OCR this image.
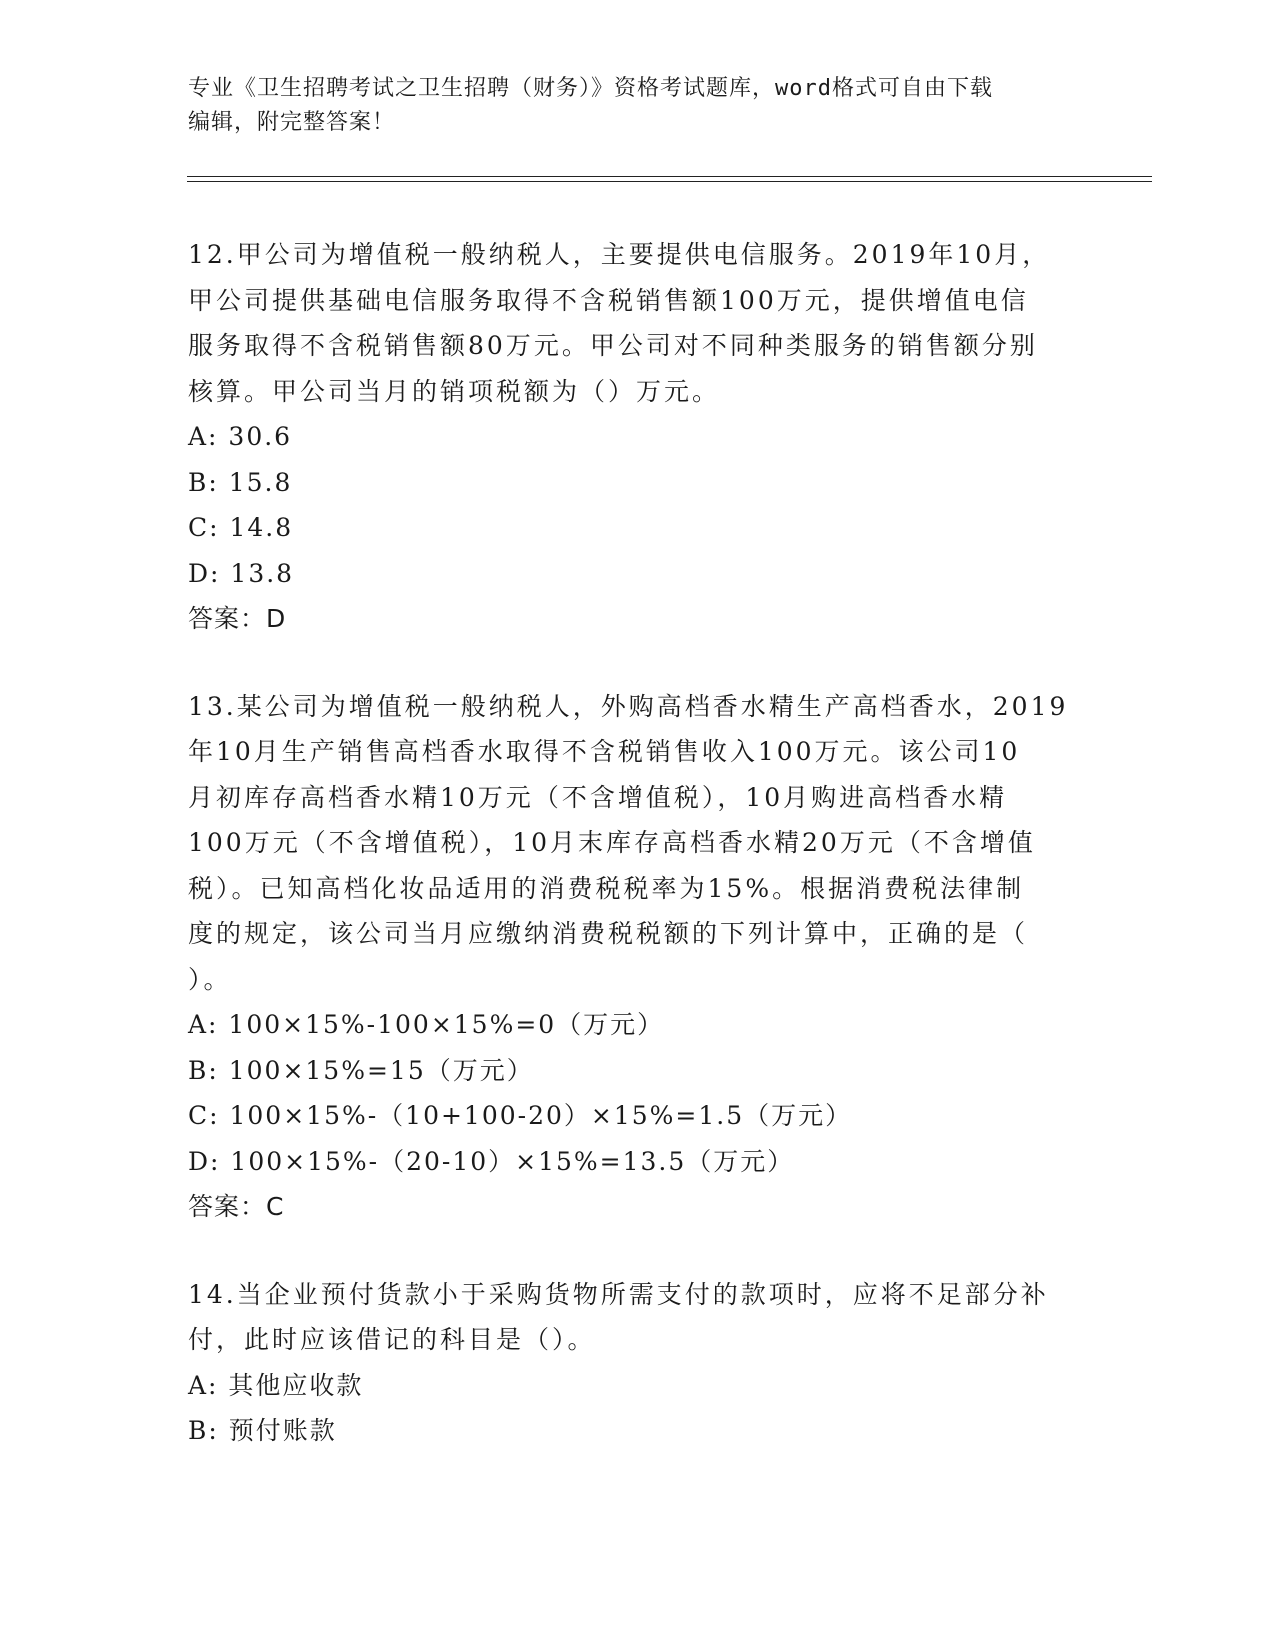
专业《卫生招聘考试之卫生招聘（财务）》资格考试题库，word格式可自由下载
编辑，附完整答案！
12.甲公司为增值税一般纳税人，主要提供电信服务。2019年10月，
甲公司提供基础电信服务取得不含税销售额100万元，提供增值电信
服务取得不含税销售额80万元。甲公司对不同种类服务的销售额分别
核算。甲公司当月的销项税额为（）万元。
A: 30.6
B: 15.8
C: 14.8
D: 13.8
答案：D
13.某公司为增值税一般纳税人，外购高档香水精生产高档香水，2019
年10月生产销售高档香水取得不含税销售收入100万元。该公司10
月初库存高档香水精10万元（不含增值税），10月购进高档香水精
100万元（不含增值税），10月末库存高档香水精20万元（不含增值
税）。已知高档化妆品适用的消费税税率为15%。根据消费税法律制
度的规定，该公司当月应缴纳消费税税额的下列计算中，正确的是（
）。
A: 100×15%-100×15%=0（万元）
B: 100×15%=15（万元）
C: 100×15%-（10+100-20）×15%=1.5（万元）
D: 100×15%-（20-10）×15%=13.5（万元）
答案：C
14.当企业预付货款小于采购货物所需支付的款项时，应将不足部分补
付，此时应该借记的科目是（）。
A: 其他应收款
B: 预付账款
